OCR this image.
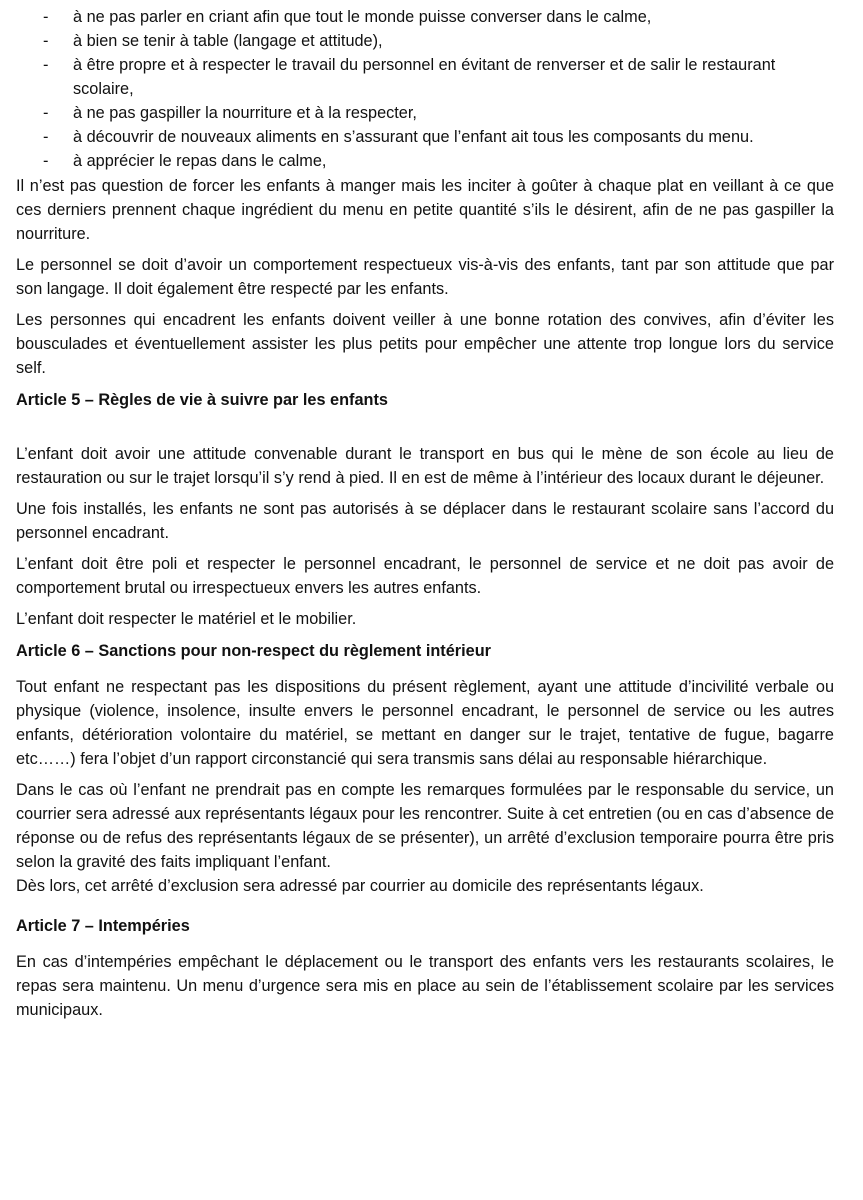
- à ne pas parler en criant afin que tout le monde puisse converser dans le calme,
- à bien se tenir à table (langage et attitude),
- à être propre et à respecter le travail du personnel en évitant de renverser et de salir le restaurant scolaire,
- à ne pas gaspiller la nourriture et à la respecter,
- à découvrir de nouveaux aliments en s’assurant que l’enfant ait tous les composants du menu.
- à apprécier le repas dans le calme,

Il n’est pas question de forcer les enfants à manger mais les inciter à goûter à chaque plat en veillant à ce que ces derniers prennent chaque ingrédient du menu en petite quantité s’ils le désirent, afin de ne pas gaspiller la nourriture.

Le personnel se doit d’avoir un comportement respectueux vis-à-vis des enfants, tant par son attitude que par son langage. Il doit également être respecté par les enfants.

Les personnes qui encadrent les enfants doivent veiller à une bonne rotation des convives, afin d’éviter les bousculades et éventuellement assister les plus petits pour empêcher une attente trop longue lors du service self.

Article 5 – Règles de vie à suivre par les enfants

L’enfant doit avoir une attitude convenable durant le transport en bus qui le mène de son école au lieu de restauration ou sur le trajet lorsqu’il s’y rend à pied. Il en est de même à l’intérieur des locaux durant le déjeuner.

Une fois installés, les enfants ne sont pas autorisés à se déplacer dans le restaurant scolaire sans l’accord du personnel encadrant.

L’enfant doit être poli et respecter le personnel encadrant, le personnel de service et ne doit pas avoir de comportement brutal ou irrespectueux envers les autres enfants.

L’enfant doit respecter le matériel et le mobilier.

Article 6 – Sanctions pour non-respect du règlement intérieur

Tout enfant ne respectant pas les dispositions du présent règlement, ayant une attitude d’incivilité verbale ou physique (violence, insolence, insulte envers le personnel encadrant, le personnel de service ou les autres enfants, détérioration volontaire du matériel, se mettant en danger sur le trajet, tentative de fugue, bagarre etc……) fera l’objet d’un rapport circonstancié qui sera transmis sans délai au responsable hiérarchique.

Dans le cas où l’enfant ne prendrait pas en compte les remarques formulées par le responsable du service, un courrier sera adressé aux représentants légaux pour les rencontrer. Suite à cet entretien (ou en cas d’absence de réponse ou de refus des représentants légaux de se présenter), un arrêté d’exclusion temporaire pourra être pris selon la gravité des faits impliquant l’enfant.

Dès lors, cet arrêté d’exclusion sera adressé par courrier au domicile des représentants légaux.

Article 7 – Intempéries

En cas d’intempéries empêchant le déplacement ou le transport des enfants vers les restaurants scolaires, le repas sera maintenu. Un menu d’urgence sera mis en place au sein de l’établissement scolaire par les services municipaux.
